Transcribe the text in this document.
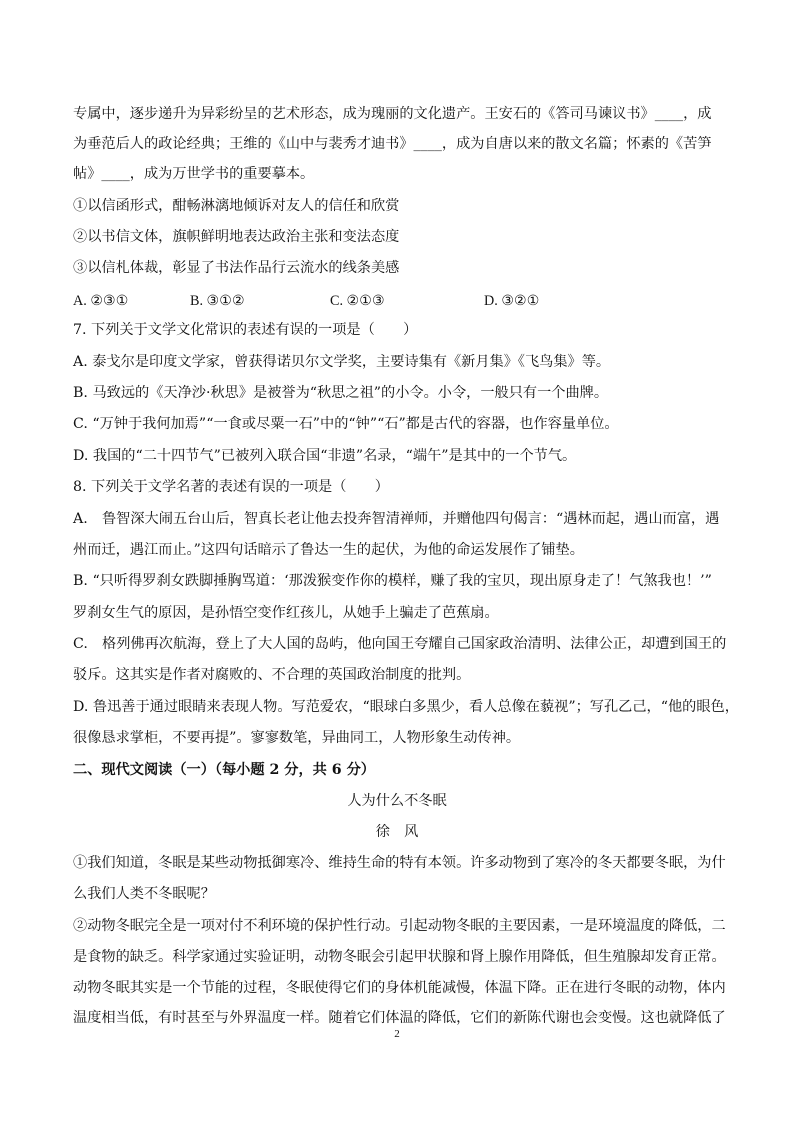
专属中，逐步递升为异彩纷呈的艺术形态，成为瑰丽的文化遗产。王安石的《答司马谏议书》____，成
为垂范后人的政论经典；王维的《山中与裴秀才迪书》____，成为自唐以来的散文名篇；怀素的《苦笋
帖》____，成为万世学书的重要摹本。
①以信函形式，酣畅淋漓地倾诉对友人的信任和欣赏
②以书信文体，旗帜鲜明地表达政治主张和变法态度
③以信札体裁，彰显了书法作品行云流水的线条美感
A. ②③①	B. ③①②	C. ②①③	D. ③②①
7. 下列关于文学文化常识的表述有误的一项是（　　）
A. 泰戈尔是印度文学家，曾获得诺贝尔文学奖，主要诗集有《新月集》《飞鸟集》等。
B. 马致远的《天净沙·秋思》是被誉为“秋思之祖”的小令。小令，一般只有一个曲牌。
C. “万钟于我何加焉”“一食或尽粟一石”中的“钟”“石”都是古代的容器，也作容量单位。
D. 我国的“二十四节气”已被列入联合国“非遗”名录，“端午”是其中的一个节气。
8. 下列关于文学名著的表述有误的一项是（　　）
A.　鲁智深大闹五台山后，智真长老让他去投奔智清禅师，并赠他四句偈言：“遇林而起，遇山而富，遇
州而迁，遇江而止。”这四句话暗示了鲁达一生的起伏，为他的命运发展作了铺垫。
B. “只听得罗刹女跌脚捶胸骂道：‘那泼猴变作你的模样，赚了我的宝贝，现出原身走了！气煞我也！’”
罗刹女生气的原因，是孙悟空变作红孩儿，从她手上骗走了芭蕉扇。
C.　格列佛再次航海，登上了大人国的岛屿，他向国王夸耀自己国家政治清明、法律公正，却遭到国王的
驳斥。这其实是作者对腐败的、不合理的英国政治制度的批判。
D. 鲁迅善于通过眼睛来表现人物。写范爱农，“眼球白多黑少，看人总像在藐视”；写孔乙己，“他的眼色，
很像恳求掌柜，不要再提”。寥寥数笔，异曲同工，人物形象生动传神。
二、现代文阅读（一）（每小题 2 分，共 6 分）
人为什么不冬眠
徐　风
①我们知道，冬眠是某些动物抵御寒冷、维持生命的特有本领。许多动物到了寒冷的冬天都要冬眠，为什
么我们人类不冬眠呢？
②动物冬眠完全是一项对付不利环境的保护性行动。引起动物冬眠的主要因素，一是环境温度的降低，二
是食物的缺乏。科学家通过实验证明，动物冬眠会引起甲状腺和肾上腺作用降低，但生殖腺却发育正常。
动物冬眠其实是一个节能的过程，冬眠使得它们的身体机能减慢，体温下降。正在进行冬眠的动物，体内
温度相当低，有时甚至与外界温度一样。随着它们体温的降低，它们的新陈代谢也会变慢。这也就降低了
2
